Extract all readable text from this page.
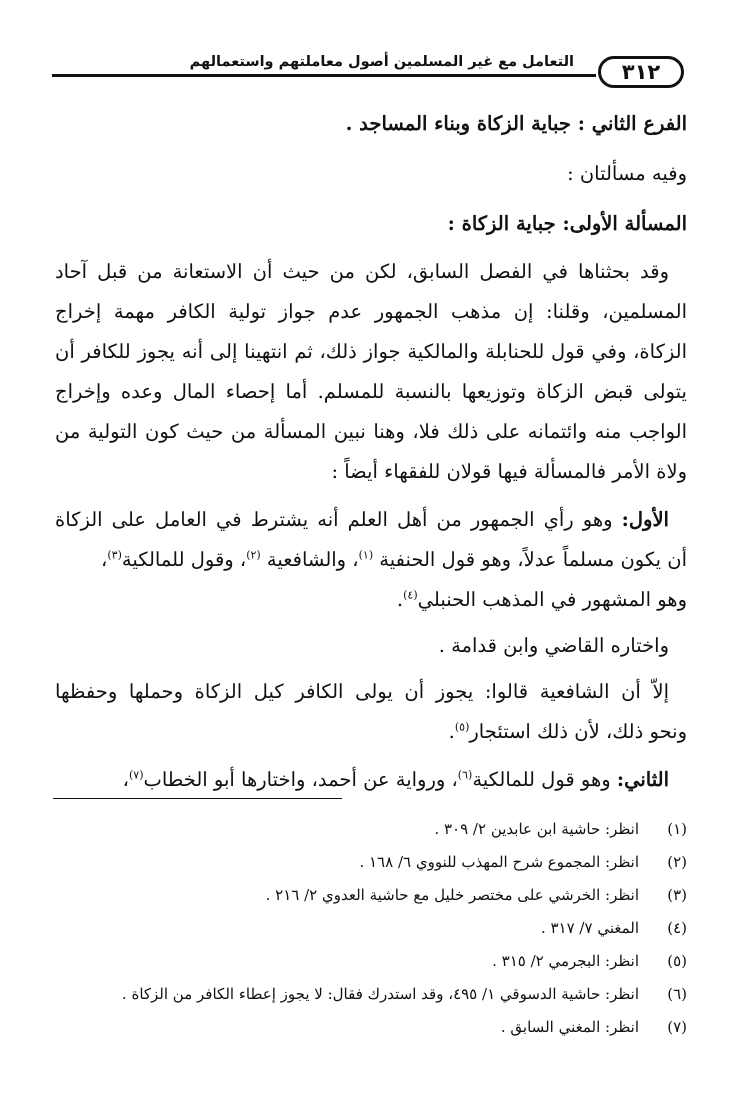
التعامل مع غير المسلمين أصول معاملتهم واستعمالهم	٣١٢
الفرع الثاني : جباية الزكاة وبناء المساجد .
وفيه مسألتان :
المسألة الأولى: جباية الزكاة :
وقد بحثناها في الفصل السابق، لكن من حيث أن الاستعانة من قبل آحاد
المسلمين، وقلنا: إن مذهب الجمهور عدم جواز تولية الكافر مهمة إخراج
الزكاة، وفي قول للحنابلة والمالكية جواز ذلك، ثم انتهينا إلى أنه يجوز للكافر أن
يتولى قبض الزكاة وتوزيعها بالنسبة للمسلم. أما إحصاء المال وعده وإخراج
الواجب منه وائتمانه على ذلك فلا، وهنا نبين المسألة من حيث كون التولية من
ولاة الأمر فالمسألة فيها قولان للفقهاء أيضاً :
الأول: وهو رأي الجمهور من أهل العلم أنه يشترط في العامل على الزكاة
أن يكون مسلماً عدلاً، وهو قول الحنفية $^{(١)}$، والشافعية $^{(٢)}$، وقول للمالكية$^{(٣)}$،
وهو المشهور في المذهب الحنبلي$^{(٤)}$.
واختاره القاضي وابن قدامة .
إلاّ أن الشافعية قالوا: يجوز أن يولى الكافر كيل الزكاة وحملها وحفظها
ونحو ذلك، لأن ذلك استئجار$^{(٥)}$.
الثاني: وهو قول للمالكية$^{(٦)}$، ورواية عن أحمد، واختارها أبو الخطاب$^{(٧)}$،
(١)انظر: حاشية ابن عابدين ٢/ ٣٠٩ .
(٢)انظر: المجموع شرح المهذب للنووي ٦/ ١٦٨ .
(٣)انظر: الخرشي على مختصر خليل مع حاشية العدوي ٢/ ٢١٦ .
(٤)المغني ٧/ ٣١٧ .
(٥)انظر: البجرمي ٢/ ٣١٥ .
(٦)انظر: حاشية الدسوقي ١/ ٤٩٥، وقد استدرك فقال: لا يجوز إعطاء الكافر من الزكاة .
(٧)انظر: المغني السابق .
